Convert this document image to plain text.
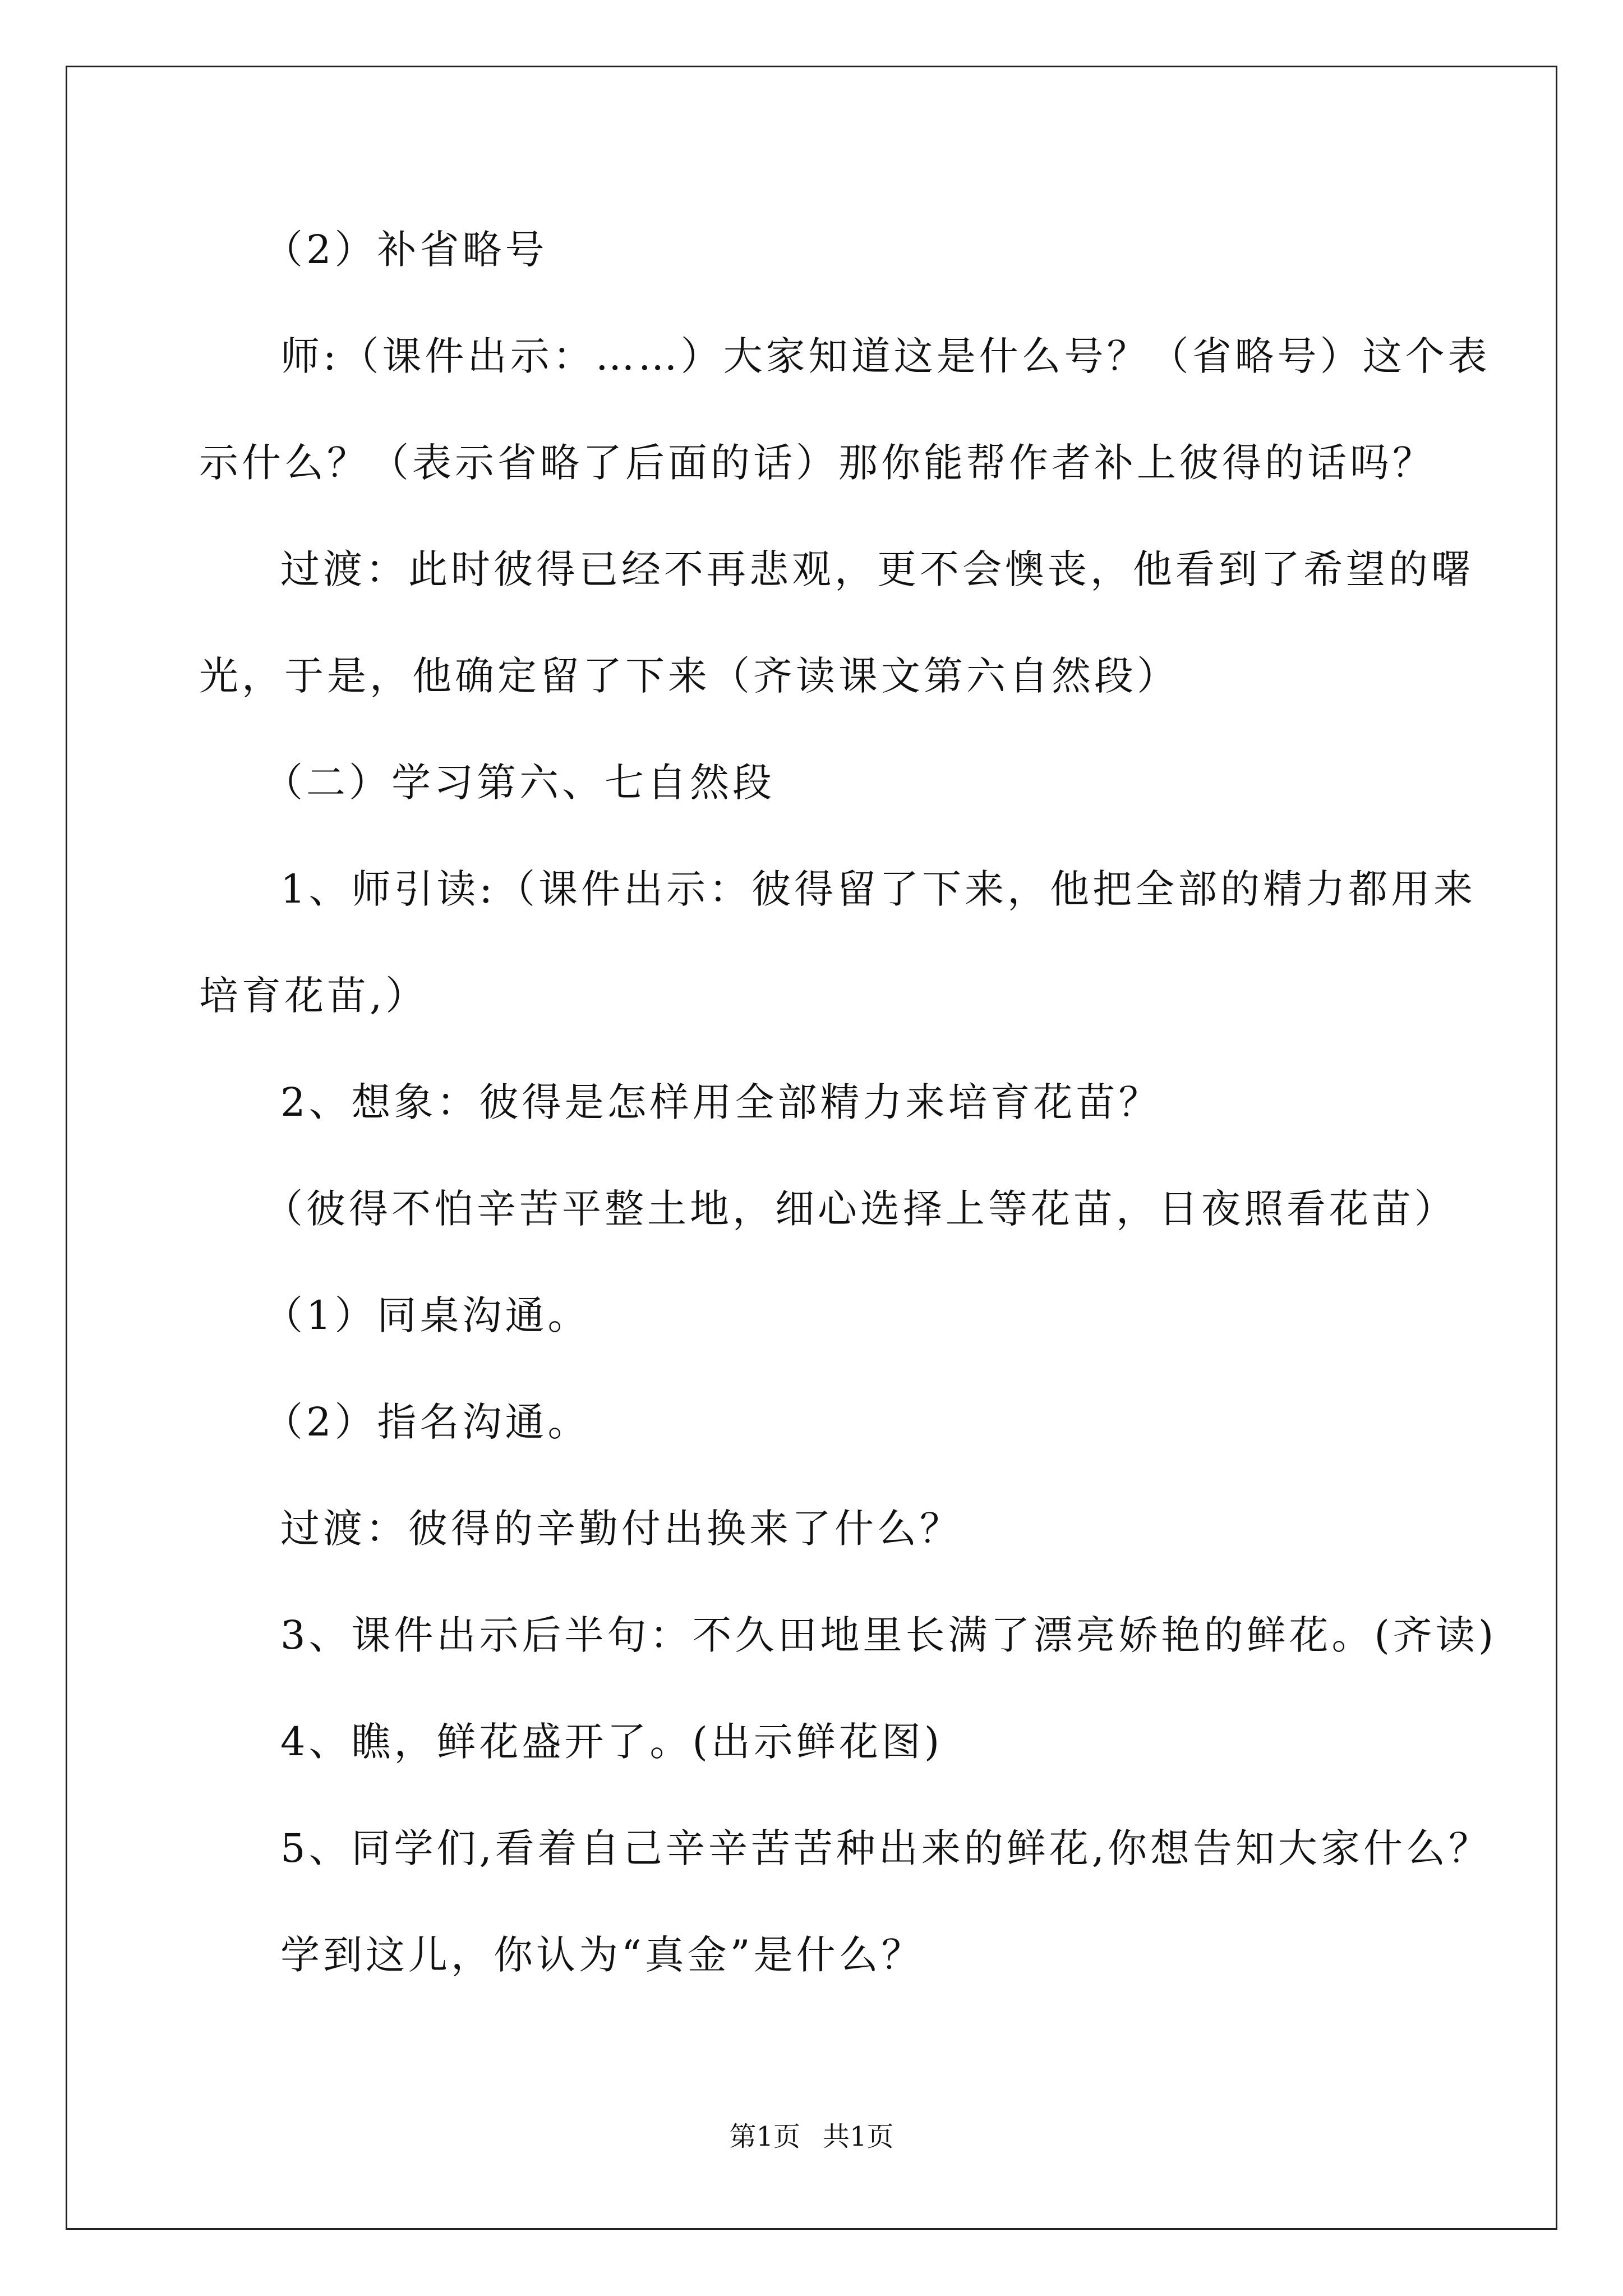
（2）补省略号
师:（课件出示：……）大家知道这是什么号？（省略号）这个表
示什么？（表示省略了后面的话）那你能帮作者补上彼得的话吗？
过渡：此时彼得已经不再悲观，更不会懊丧，他看到了希望的曙
光，于是，他确定留了下来（齐读课文第六自然段）
（二）学习第六、七自然段
1、师引读:（课件出示：彼得留了下来，他把全部的精力都用来
培育花苗,）
2、想象：彼得是怎样用全部精力来培育花苗？
（彼得不怕辛苦平整土地，细心选择上等花苗，日夜照看花苗）
（1）同桌沟通。
（2）指名沟通。
过渡：彼得的辛勤付出换来了什么？
3、课件出示后半句：不久田地里长满了漂亮娇艳的鲜花。(齐读)
4、瞧，鲜花盛开了。(出示鲜花图)
5、同学们,看着自己辛辛苦苦种出来的鲜花,你想告知大家什么？
学到这儿，你认为“真金”是什么？
第1页 共1页
